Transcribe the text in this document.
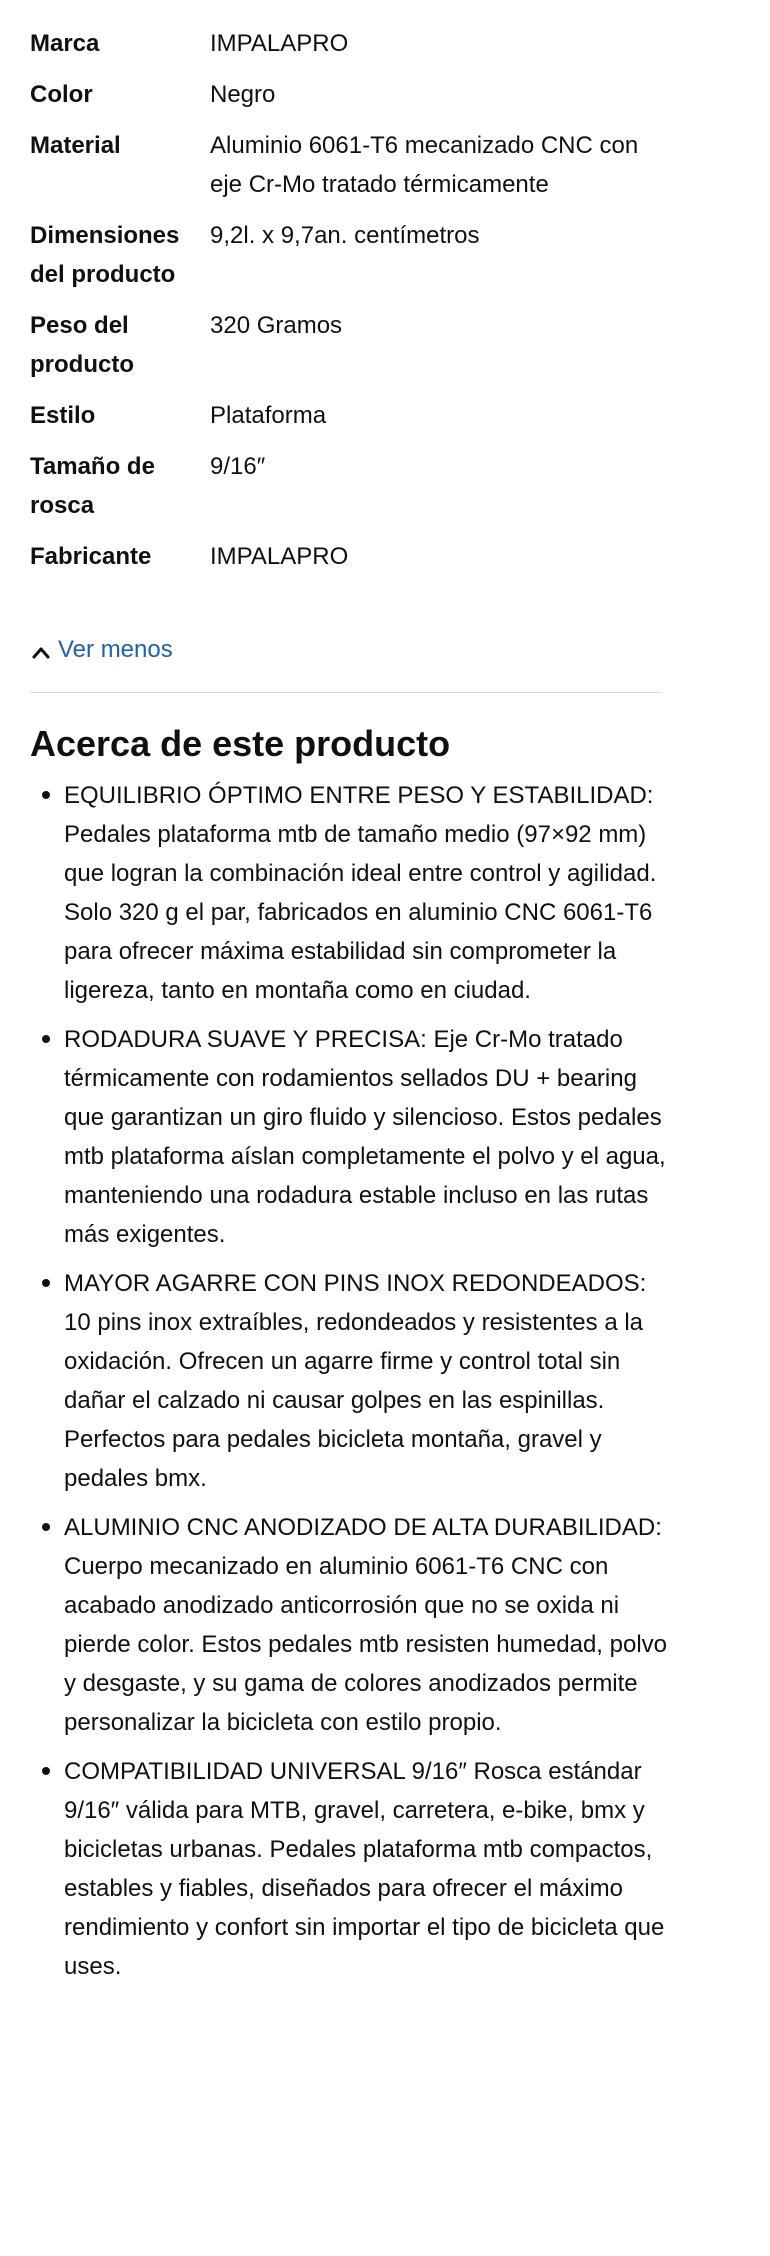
Marca	IMPALAPRO
Color	Negro
Material	Aluminio 6061-T6 mecanizado CNC con eje Cr-Mo tratado térmicamente
Dimensiones del producto	9,2l. x 9,7an. centímetros
Peso del producto	320 Gramos
Estilo	Plataforma
Tamaño de rosca	9/16″
Fabricante	IMPALAPRO
Ver menos
Acerca de este producto
EQUILIBRIO ÓPTIMO ENTRE PESO Y ESTABILIDAD: Pedales plataforma mtb de tamaño medio (97×92 mm) que logran la combinación ideal entre control y agilidad. Solo 320 g el par, fabricados en aluminio CNC 6061-T6 para ofrecer máxima estabilidad sin comprometer la ligereza, tanto en montaña como en ciudad.
RODADURA SUAVE Y PRECISA: Eje Cr-Mo tratado térmicamente con rodamientos sellados DU + bearing que garantizan un giro fluido y silencioso. Estos pedales mtb plataforma aíslan completamente el polvo y el agua, manteniendo una rodadura estable incluso en las rutas más exigentes.
MAYOR AGARRE CON PINS INOX REDONDEADOS: 10 pins inox extraíbles, redondeados y resistentes a la oxidación. Ofrecen un agarre firme y control total sin dañar el calzado ni causar golpes en las espinillas. Perfectos para pedales bicicleta montaña, gravel y pedales bmx.
ALUMINIO CNC ANODIZADO DE ALTA DURABILIDAD: Cuerpo mecanizado en aluminio 6061-T6 CNC con acabado anodizado anticorrosión que no se oxida ni pierde color. Estos pedales mtb resisten humedad, polvo y desgaste, y su gama de colores anodizados permite personalizar la bicicleta con estilo propio.
COMPATIBILIDAD UNIVERSAL 9/16″ Rosca estándar 9/16″ válida para MTB, gravel, carretera, e-bike, bmx y bicicletas urbanas. Pedales plataforma mtb compactos, estables y fiables, diseñados para ofrecer el máximo rendimiento y confort sin importar el tipo de bicicleta que uses.
